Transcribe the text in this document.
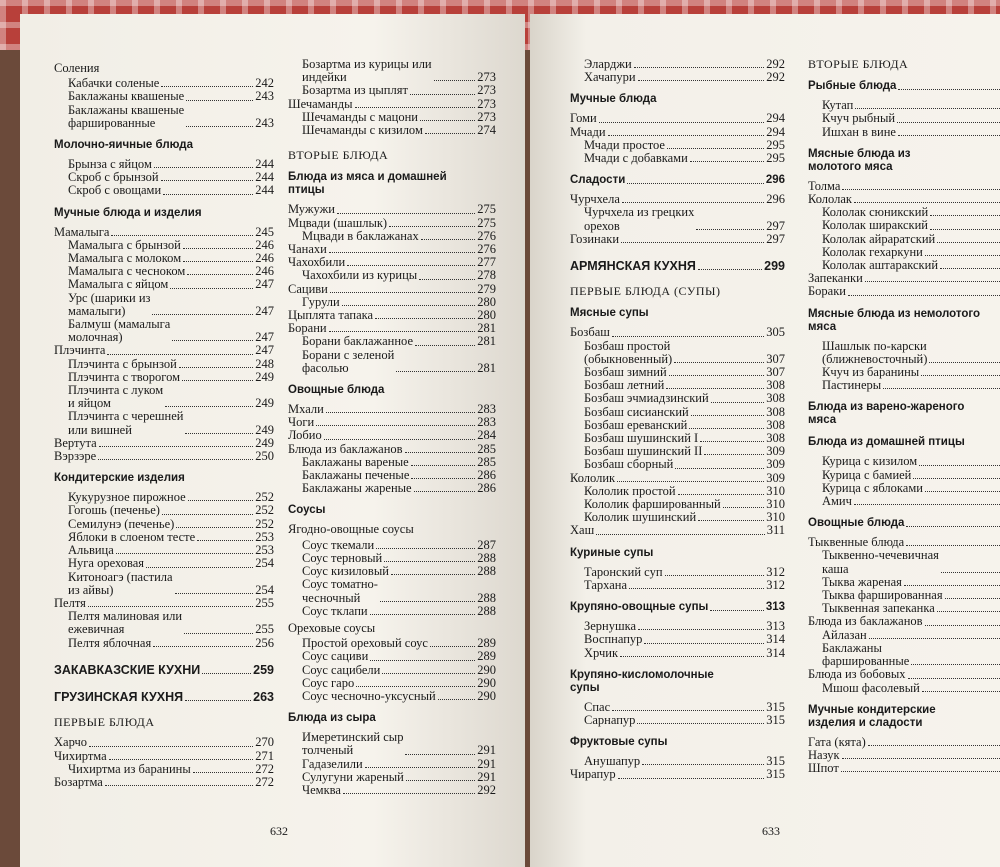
Соления
Кабачки соленые	242
Баклажаны квашеные	243
Баклажаны квашеные
фаршированные	243
Молочно-яичные блюда
Брынза с яйцом	244
Скроб с брынзой	244
Скроб с овощами	244
Мучные блюда и изделия
Мамалыга	245
Мамалыга с брынзой	246
Мамалыга с молоком	246
Мамалыга с чесноком	246
Мамалыга с яйцом	247
Урс (шарики из
мамалыги)	247
Балмуш (мамалыга
молочная)	247
Плэчинта	247
Плэчинта с брынзой	248
Плэчинта с творогом	249
Плэчинта с луком
и яйцом	249
Плэчинта с черешней
или вишней	249
Вертута	249
Вэрзэре	250
Кондитерские изделия
Кукурузное пирожное	252
Гогошь (печенье)	252
Семилунэ (печенье)	252
Яблоки в слоеном тесте	253
Альвица	253
Нуга ореховая	254
Китоноагэ (пастила
из айвы)	254
Пелтя	255
Пелтя малиновая или
ежевичная	255
Пелтя яблочная	256
ЗАКАВКАЗСКИЕ КУХНИ	259
ГРУЗИНСКАЯ КУХНЯ	263
ПЕРВЫЕ БЛЮДА
Харчо	270
Чихиртма	271
Чихиртма из баранины	272
Бозартма	272
Бозартма из курицы или
индейки	273
Бозартма из цыплят	273
Шечаманды	273
Шечаманды с мацони	273
Шечаманды с кизилом	274
ВТОРЫЕ БЛЮДА
Блюда из мяса и домашней
птицы
Мужужи	275
Мцвади (шашлык)	275
Мцвади в баклажанах	276
Чанахи	276
Чахохбили	277
Чахохбили из курицы	278
Сациви	279
Гурули	280
Цыплята тапака	280
Борани	281
Борани баклажанное	281
Борани с зеленой
фасолью	281
Овощные блюда
Мхали	283
Чоги	283
Лобио	284
Блюда из баклажанов	285
Баклажаны вареные	285
Баклажаны печеные	286
Баклажаны жареные	286
Соусы
Ягодно-овощные соусы
Соус ткемали	287
Соус терновый	288
Соус кизиловый	288
Соус томатно-
чесночный	288
Соус тклапи	288
Ореховые соусы
Простой ореховый соус	289
Соус сациви	289
Соус сацибели	290
Соус гаро	290
Соус чесночно-уксусный	290
Блюда из сыра
Имеретинский сыр
толченый	291
Гадазелили	291
Сулугуни жареный	291
Чемква	292
632
Эларджи	292
Хачапури	292
Мучные блюда
Гоми	294
Мчади	294
Мчади простое	295
Мчади с добавками	295
Сладости	296
Чурчхела	296
Чурчхела из грецких
орехов	297
Гозинаки	297
АРМЯНСКАЯ КУХНЯ	299
ПЕРВЫЕ БЛЮДА (СУПЫ)
Мясные супы
Бозбаш	305
Бозбаш простой
(обыкновенный)	307
Бозбаш зимний	307
Бозбаш летний	308
Бозбаш эчмиадзинский	308
Бозбаш сисианский	308
Бозбаш ереванский	308
Бозбаш шушинский I	308
Бозбаш шушинский II	309
Бозбаш сборный	309
Кололик	309
Кололик простой	310
Кололик фаршированный	310
Кололик шушинский	310
Хаш	311
Куриные супы
Таронский суп	312
Тархана	312
Крупяно-овощные супы	313
Зернушка	313
Воспнапур	314
Хрчик	314
Крупяно-кисломолочные
супы
Спас	315
Сарнапур	315
Фруктовые супы
Анушапур	315
Чирапур	315
ВТОРЫЕ БЛЮДА
Рыбные блюда
Кутап
Кчуч рыбный
Ишхан в вине
Мясные блюда из
молотого мяса
Толма
Кололак
Кололак сюникский
Кололак ширакский
Кололак айраратский
Кололак гехаркуни
Кололак аштаракский
Запеканки
Бораки
Мясные блюда из немолотого
мяса
Шашлык по-карски
(ближневосточный)
Кчуч из баранины
Пастинеры
Блюда из варено-жареного
мяса
Блюда из домашней птицы
Курица с кизилом
Курица с бамией
Курица с яблоками
Амич
Овощные блюда
Тыквенные блюда
Тыквенно-чечевичная
каша
Тыква жареная
Тыква фаршированная
Тыквенная запеканка
Блюда из баклажанов
Айлазан
Баклажаны
фаршированные
Блюда из бобовых
Мшош фасолевый
Мучные кондитерские
изделия и сладости
Гата (кята)
Назук
Шпот
633
